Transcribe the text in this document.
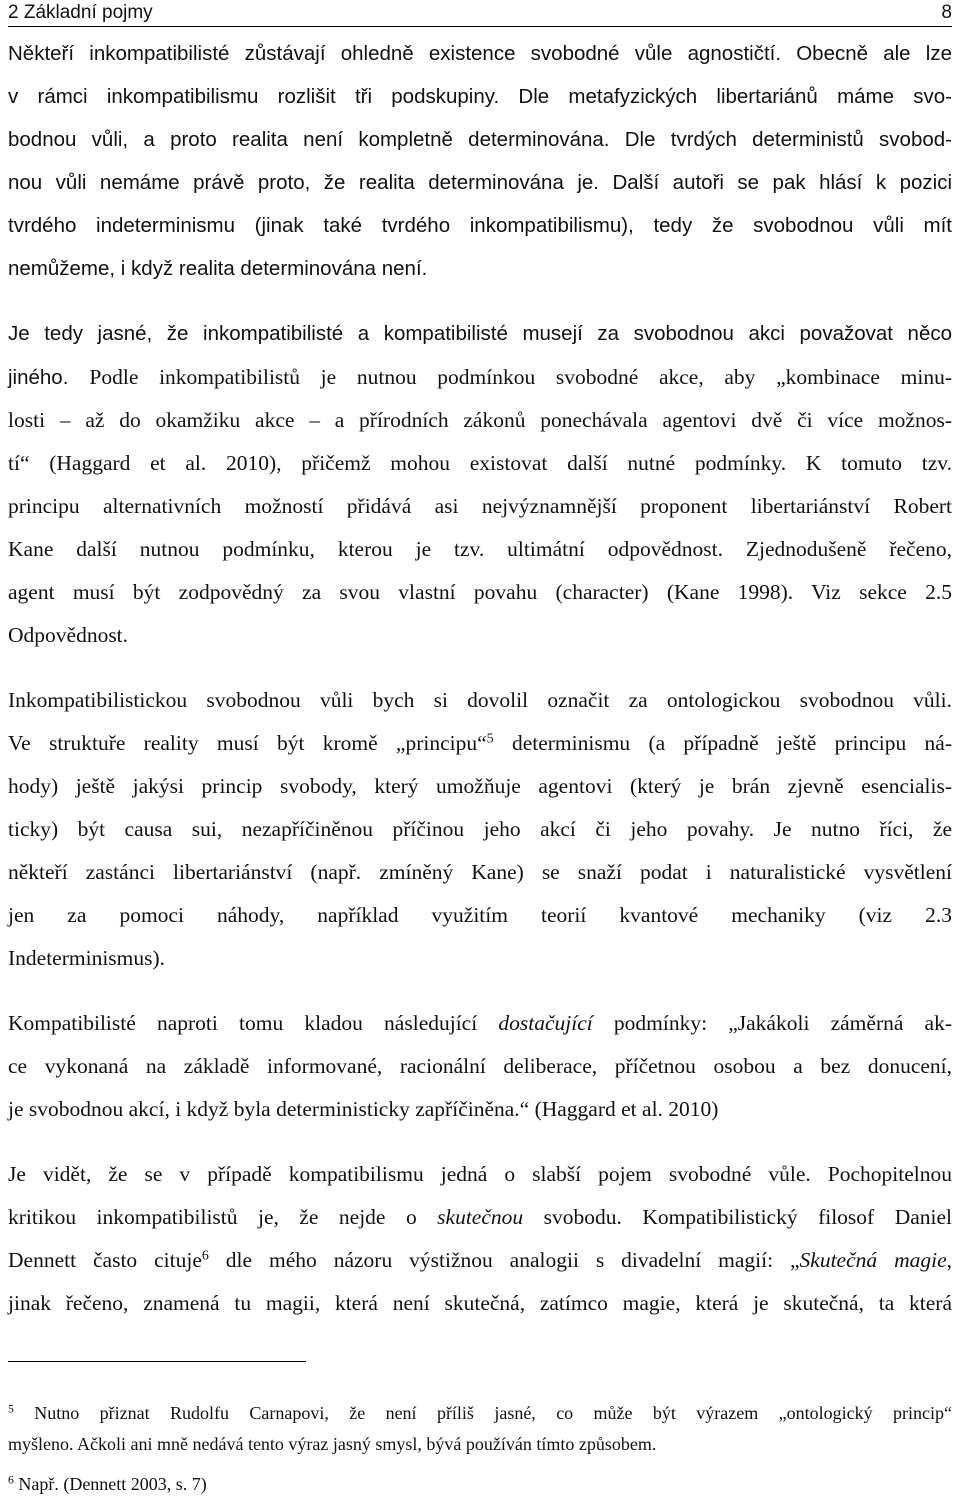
2 Základní pojmy	8
Někteří inkompatibilisté zůstávají ohledně existence svobodné vůle agnostičtí. Obecně ale lze
v rámci inkompatibilismu rozlišit tři podskupiny. Dle metafyzických libertariánů máme svo-
bodnou vůli, a proto realita není kompletně determinována. Dle tvrdých deterministů svobod-
nou vůli nemáme právě proto, že realita determinována je. Další autoři se pak hlásí k pozici
tvrdého indeterminismu (jinak také tvrdého inkompatibilismu), tedy že svobodnou vůli mít
nemůžeme, i když realita determinována není.
Je tedy jasné, že inkompatibilisté a kompatibilisté musejí za svobodnou akci považovat něco
jiného. Podle inkompatibilistů je nutnou podmínkou svobodné akce, aby „kombinace minu-
losti – až do okamžiku akce – a přírodních zákonů ponechávala agentovi dvě či více možnos-
tí“ (Haggard et al. 2010), přičemž mohou existovat další nutné podmínky. K tomuto tzv.
principu alternativních možností přidává asi nejvýznamnější proponent libertariánství Robert
Kane další nutnou podmínku, kterou je tzv. ultimátní odpovědnost. Zjednodušeně řečeno,
agent musí být zodpovědný za svou vlastní povahu (character) (Kane 1998). Viz sekce 2.5
Odpovědnost.
Inkompatibilistickou svobodnou vůli bych si dovolil označit za ontologickou svobodnou vůli.
Ve struktuře reality musí být kromě „principu“$^5$ determinismu (a případně ještě principu ná-
hody) ještě jakýsi princip svobody, který umožňuje agentovi (který je brán zjevně esencialis-
ticky) být causa sui, nezapříčiněnou příčinou jeho akcí či jeho povahy. Je nutno říci, že
někteří zastánci libertariánství (např. zmíněný Kane) se snaží podat i naturalistické vysvětlení
jen za pomoci náhody, například využitím teorií kvantové mechaniky (viz 2.3
Indeterminismus).
Kompatibilisté naproti tomu kladou následující dostačující podmínky: „Jakákoli záměrná ak-
ce vykonaná na základě informované, racionální deliberace, příčetnou osobou a bez donucení,
je svobodnou akcí, i když byla deterministicky zapříčiněna.“ (Haggard et al. 2010)
Je vidět, že se v případě kompatibilismu jedná o slabší pojem svobodné vůle. Pochopitelnou
kritikou inkompatibilistů je, že nejde o skutečnou svobodu. Kompatibilistický filosof Daniel
Dennett často cituje$^6$ dle mého názoru výstižnou analogii s divadelní magií: „Skutečná magie,
jinak řečeno, znamená tu magii, která není skutečná, zatímco magie, která je skutečná, ta která
$^5$ Nutno přiznat Rudolfu Carnapovi, že není příliš jasné, co může být výrazem „ontologický princip“
myšleno. Ačkoli ani mně nedává tento výraz jasný smysl, bývá používán tímto způsobem.
$^6$ Např. (Dennett 2003, s. 7)
